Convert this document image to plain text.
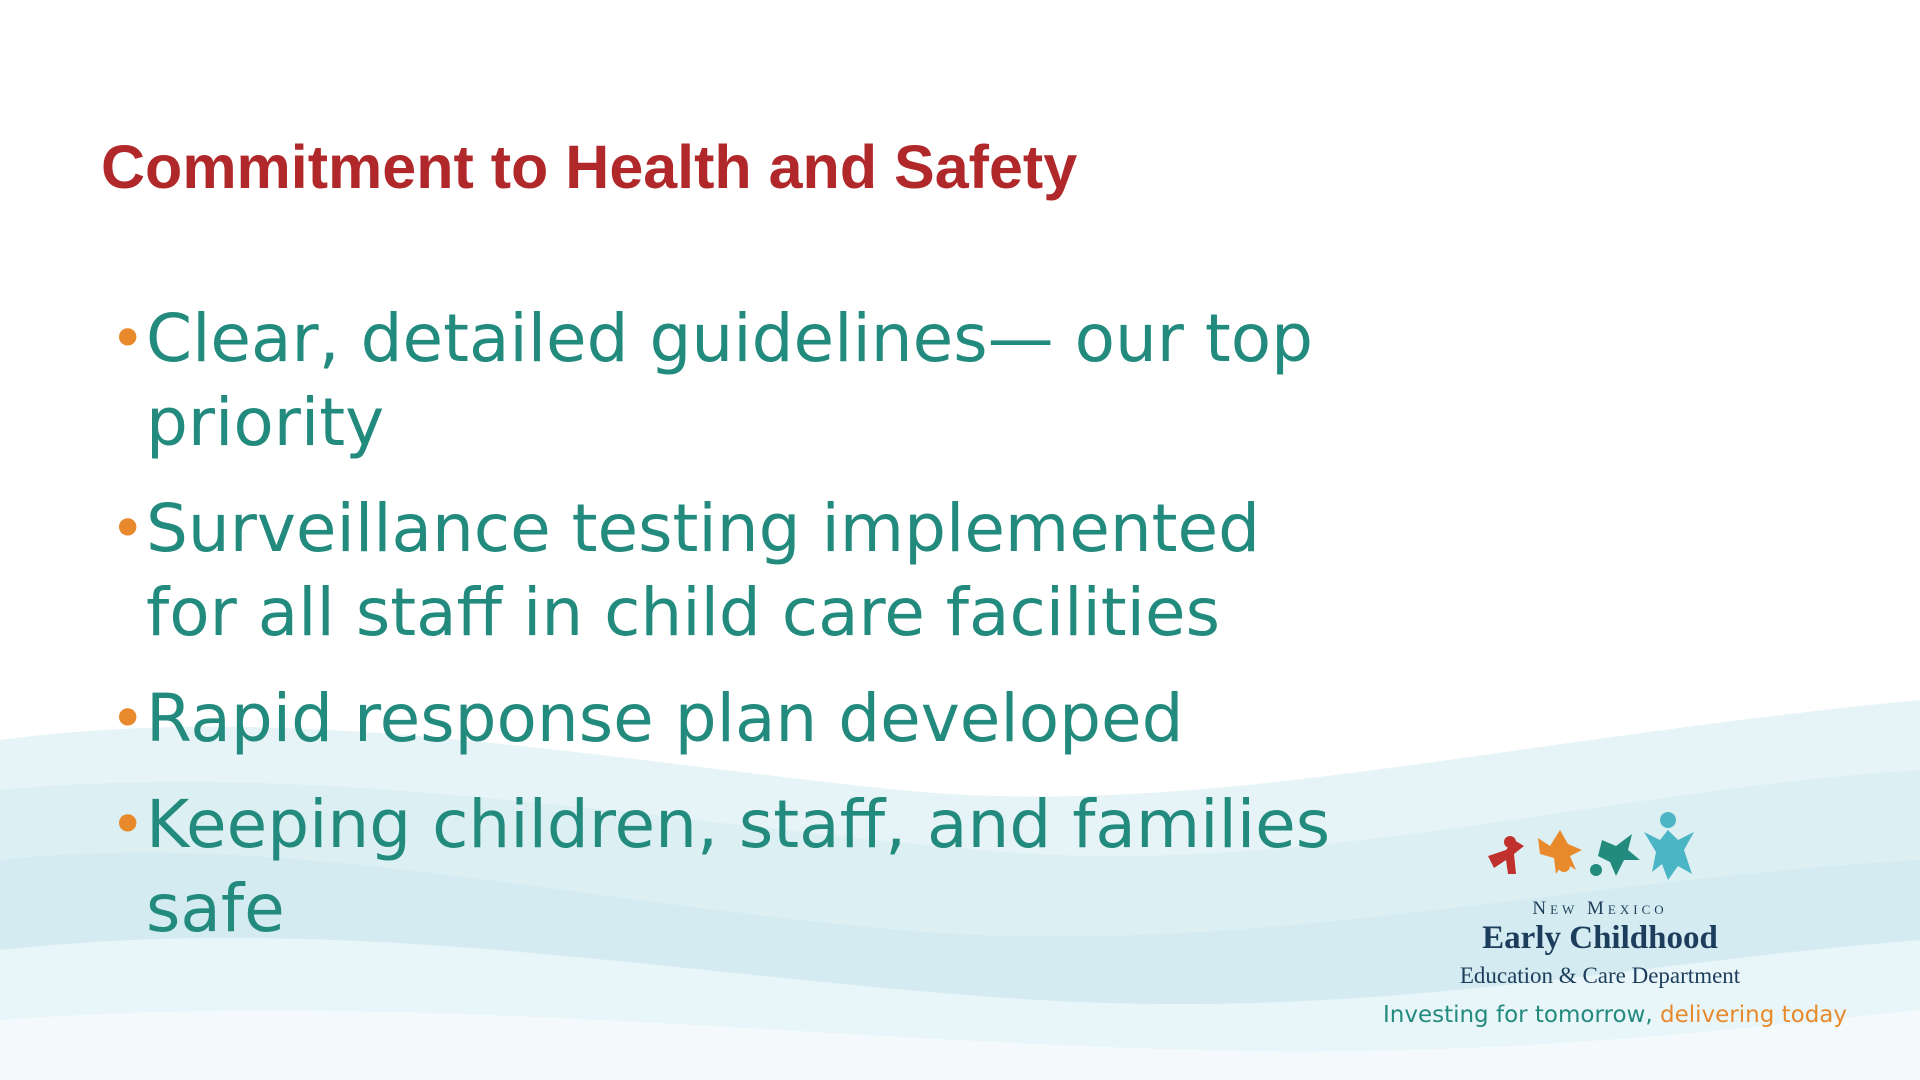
Commitment to Health and Safety
• Clear, detailed guidelines— our top priority
• Surveillance testing implemented for all staff in child care facilities
• Rapid response plan developed
• Keeping children, staff, and families safe	New Mexico
Early Childhood
Education & Care Department
Investing for tomorrow, delivering today
